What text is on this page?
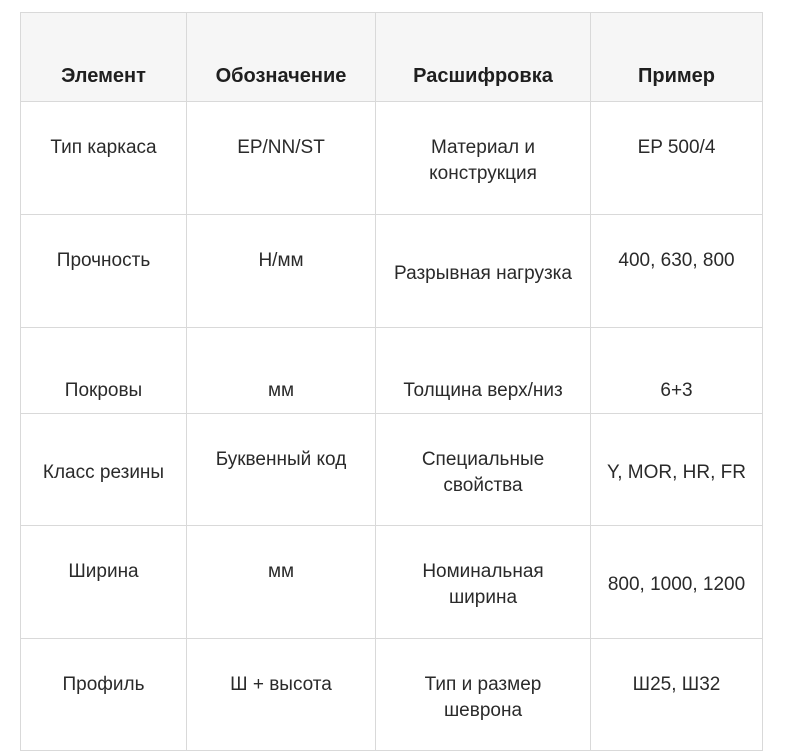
Элемент	Обозначение	Расшифровка	Пример
Тип каркаса	EP/NN/ST	Материал и конструкция	EP 500/4
Прочность	Н/мм	Разрывная нагрузка	400, 630, 800
Покровы	мм	Толщина верх/низ	6+3
Класс резины	Буквенный код	Специальные свойства	Y, MOR, HR, FR
Ширина	мм	Номинальная ширина	800, 1000, 1200
Профиль	Ш + высота	Тип и размер шеврона	Ш25, Ш32
